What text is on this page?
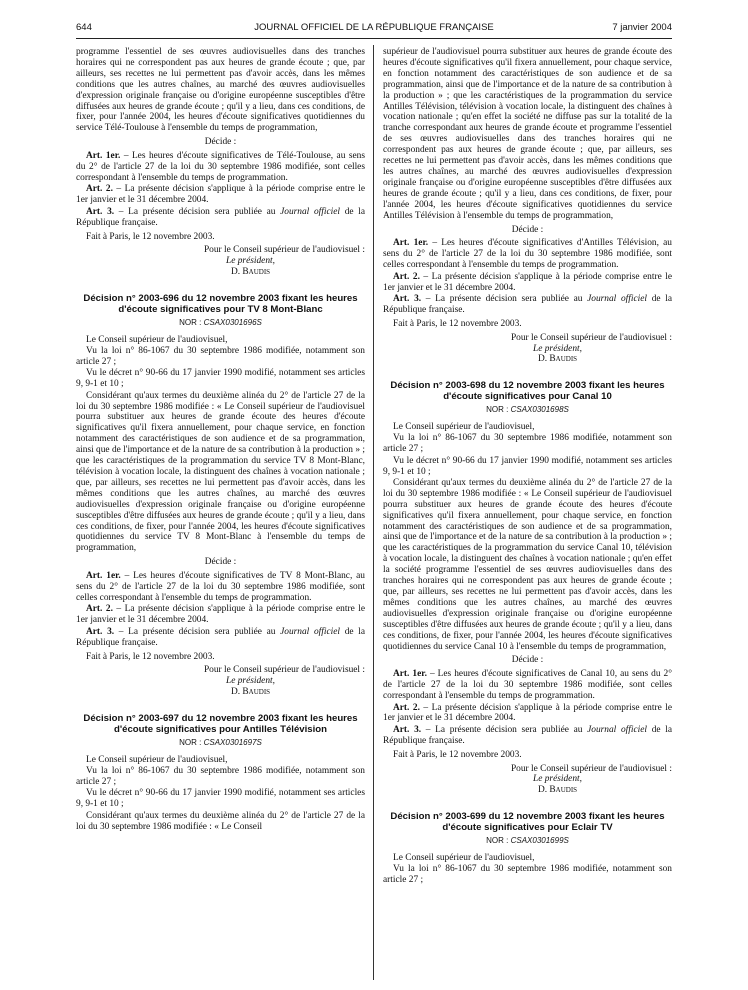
644	JOURNAL OFFICIEL DE LA RÉPUBLIQUE FRANÇAISE	7 janvier 2004

programme l'essentiel de ses œuvres audiovisuelles dans des tranches horaires qui ne correspondent pas aux heures de grande écoute ; que, par ailleurs, ses recettes ne lui permettent pas d'avoir accès, dans les mêmes conditions que les autres chaînes, au marché des œuvres audiovisuelles d'expression originale française ou d'origine européenne susceptibles d'être diffusées aux heures de grande écoute ; qu'il y a lieu, dans ces conditions, de fixer, pour l'année 2004, les heures d'écoute significatives quotidiennes du service Télé-Toulouse à l'ensemble du temps de programmation,

Décide :

Art. 1er. – Les heures d'écoute significatives de Télé-Toulouse, au sens du 2° de l'article 27 de la loi du 30 septembre 1986 modifiée, sont celles correspondant à l'ensemble du temps de programmation.

Art. 2. – La présente décision s'applique à la période comprise entre le 1er janvier et le 31 décembre 2004.

Art. 3. – La présente décision sera publiée au Journal officiel de la République française.

Fait à Paris, le 12 novembre 2003.

Pour le Conseil supérieur de l'audiovisuel :

Le président,

D. Baudis

Décision n° 2003-696 du 12 novembre 2003 fixant les heures d'écoute significatives pour TV 8 Mont-Blanc
NOR : CSAX0301696S

Le Conseil supérieur de l'audiovisuel,

Vu la loi n° 86-1067 du 30 septembre 1986 modifiée, notamment son article 27 ;

Vu le décret n° 90-66 du 17 janvier 1990 modifié, notamment ses articles 9, 9-1 et 10 ;

Considérant qu'aux termes du deuxième alinéa du 2° de l'article 27 de la loi du 30 septembre 1986 modifiée : « Le Conseil supérieur de l'audiovisuel pourra substituer aux heures de grande écoute des heures d'écoute significatives qu'il fixera annuellement, pour chaque service, en fonction notamment des caractéristiques de son audience et de sa programmation, ainsi que de l'importance et de la nature de sa contribution à la production » ; que les caractéristiques de la programmation du service TV 8 Mont-Blanc, télévision à vocation locale, la distinguent des chaînes à vocation nationale ; que, par ailleurs, ses recettes ne lui permettent pas d'avoir accès, dans les mêmes conditions que les autres chaînes, au marché des œuvres audiovisuelles d'expression originale française ou d'origine européenne susceptibles d'être diffusées aux heures de grande écoute ; qu'il y a lieu, dans ces conditions, de fixer, pour l'année 2004, les heures d'écoute significatives quotidiennes du service TV 8 Mont-Blanc à l'ensemble du temps de programmation,

Décide :

Art. 1er. – Les heures d'écoute significatives de TV 8 Mont-Blanc, au sens du 2° de l'article 27 de la loi du 30 septembre 1986 modifiée, sont celles correspondant à l'ensemble du temps de programmation.

Art. 2. – La présente décision s'applique à la période comprise entre le 1er janvier et le 31 décembre 2004.

Art. 3. – La présente décision sera publiée au Journal officiel de la République française.

Fait à Paris, le 12 novembre 2003.

Pour le Conseil supérieur de l'audiovisuel :

Le président,

D. Baudis

Décision n° 2003-697 du 12 novembre 2003 fixant les heures d'écoute significatives pour Antilles Télévision
NOR : CSAX0301697S

Le Conseil supérieur de l'audiovisuel,

Vu la loi n° 86-1067 du 30 septembre 1986 modifiée, notamment son article 27 ;

Vu le décret n° 90-66 du 17 janvier 1990 modifié, notamment ses articles 9, 9-1 et 10 ;

Considérant qu'aux termes du deuxième alinéa du 2° de l'article 27 de la loi du 30 septembre 1986 modifiée : « Le Conseil

supérieur de l'audiovisuel pourra substituer aux heures de grande écoute des heures d'écoute significatives qu'il fixera annuellement, pour chaque service, en fonction notamment des caractéristiques de son audience et de sa programmation, ainsi que de l'importance et de la nature de sa contribution à la production » ; que les caractéristiques de la programmation du service Antilles Télévision, télévision à vocation locale, la distinguent des chaînes à vocation nationale ; qu'en effet la société ne diffuse pas sur la totalité de la tranche correspondant aux heures de grande écoute et programme l'essentiel de ses œuvres audiovisuelles dans des tranches horaires qui ne correspondent pas aux heures de grande écoute ; que, par ailleurs, ses recettes ne lui permettent pas d'avoir accès, dans les mêmes conditions que les autres chaînes, au marché des œuvres audiovisuelles d'expression originale française ou d'origine européenne susceptibles d'être diffusées aux heures de grande écoute ; qu'il y a lieu, dans ces conditions, de fixer, pour l'année 2004, les heures d'écoute significatives quotidiennes du service Antilles Télévision à l'ensemble du temps de programmation,

Décide :

Art. 1er. – Les heures d'écoute significatives d'Antilles Télévision, au sens du 2° de l'article 27 de la loi du 30 septembre 1986 modifiée, sont celles correspondant à l'ensemble du temps de programmation.

Art. 2. – La présente décision s'applique à la période comprise entre le 1er janvier et le 31 décembre 2004.

Art. 3. – La présente décision sera publiée au Journal officiel de la République française.

Fait à Paris, le 12 novembre 2003.

Pour le Conseil supérieur de l'audiovisuel :

Le président,

D. Baudis

Décision n° 2003-698 du 12 novembre 2003 fixant les heures d'écoute significatives pour Canal 10
NOR : CSAX0301698S

Le Conseil supérieur de l'audiovisuel,

Vu la loi n° 86-1067 du 30 septembre 1986 modifiée, notamment son article 27 ;

Vu le décret n° 90-66 du 17 janvier 1990 modifié, notamment ses articles 9, 9-1 et 10 ;

Considérant qu'aux termes du deuxième alinéa du 2° de l'article 27 de la loi du 30 septembre 1986 modifiée : « Le Conseil supérieur de l'audiovisuel pourra substituer aux heures de grande écoute des heures d'écoute significatives qu'il fixera annuellement, pour chaque service, en fonction notamment des caractéristiques de son audience et de sa programmation, ainsi que de l'importance et de la nature de sa contribution à la production » ; que les caractéristiques de la programmation du service Canal 10, télévision à vocation locale, la distinguent des chaînes à vocation nationale ; qu'en effet la société programme l'essentiel de ses œuvres audiovisuelles dans des tranches horaires qui ne correspondent pas aux heures de grande écoute ; que, par ailleurs, ses recettes ne lui permettent pas d'avoir accès, dans les mêmes conditions que les autres chaînes, au marché des œuvres audiovisuelles d'expression originale française ou d'origine européenne susceptibles d'être diffusées aux heures de grande écoute ; qu'il y a lieu, dans ces conditions, de fixer, pour l'année 2004, les heures d'écoute significatives quotidiennes du service Canal 10 à l'ensemble du temps de programmation,

Décide :

Art. 1er. – Les heures d'écoute significatives de Canal 10, au sens du 2° de l'article 27 de la loi du 30 septembre 1986 modifiée, sont celles correspondant à l'ensemble du temps de programmation.

Art. 2. – La présente décision s'applique à la période comprise entre le 1er janvier et le 31 décembre 2004.

Art. 3. – La présente décision sera publiée au Journal officiel de la République française.

Fait à Paris, le 12 novembre 2003.

Pour le Conseil supérieur de l'audiovisuel :

Le président,

D. Baudis

Décision n° 2003-699 du 12 novembre 2003 fixant les heures d'écoute significatives pour Eclair TV
NOR : CSAX0301699S

Le Conseil supérieur de l'audiovisuel,

Vu la loi n° 86-1067 du 30 septembre 1986 modifiée, notamment son article 27 ;
